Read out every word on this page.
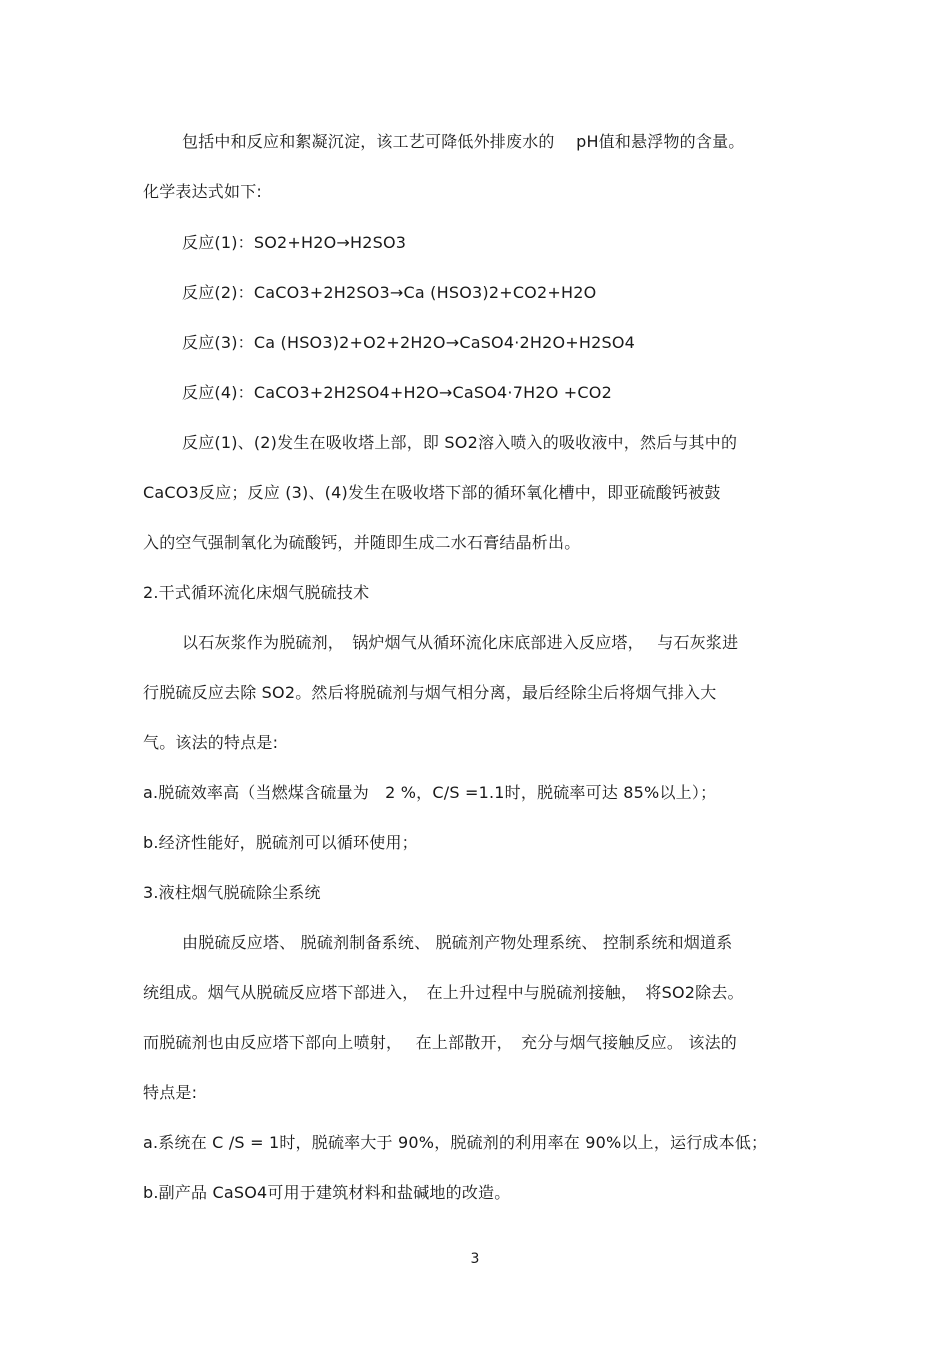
包括中和反应和絮凝沉淀，该工艺可降低外排废水的　 pH值和悬浮物的含量。
化学表达式如下:
反应(1)：SO2+H2O→H2SO3
反应(2)：CaCO3+2H2SO3→Ca (HSO3)2+CO2+H2O
反应(3)：Ca (HSO3)2+O2+2H2O→CaSO4·2H2O+H2SO4
反应(4)：CaCO3+2H2SO4+H2O→CaSO4·7H2O +CO2
反应(1)、(2)发生在吸收塔上部，即 SO2溶入喷入的吸收液中，然后与其中的
CaCO3反应；反应 (3)、(4)发生在吸收塔下部的循环氧化槽中，即亚硫酸钙被鼓
入的空气强制氧化为硫酸钙，并随即生成二水石膏结晶析出。
2.干式循环流化床烟气脱硫技术
以石灰浆作为脱硫剂，　锅炉烟气从循环流化床底部进入反应塔，　 与石灰浆进
行脱硫反应去除 SO2。然后将脱硫剂与烟气相分离，最后经除尘后将烟气排入大
气。该法的特点是:
a.脱硫效率高（当燃煤含硫量为　2 %，C/S =1.1时，脱硫率可达 85%以上）；
b.经济性能好，脱硫剂可以循环使用；
3.液柱烟气脱硫除尘系统
由脱硫反应塔、 脱硫剂制备系统、 脱硫剂产物处理系统、 控制系统和烟道系
统组成。烟气从脱硫反应塔下部进入，　在上升过程中与脱硫剂接触，　将SO2除去。
而脱硫剂也由反应塔下部向上喷射，　 在上部散开，　充分与烟气接触反应。 该法的
特点是:
a.系统在 C /S = 1时，脱硫率大于 90%，脱硫剂的利用率在 90%以上，运行成本低；
b.副产品 CaSO4可用于建筑材料和盐碱地的改造。
3
